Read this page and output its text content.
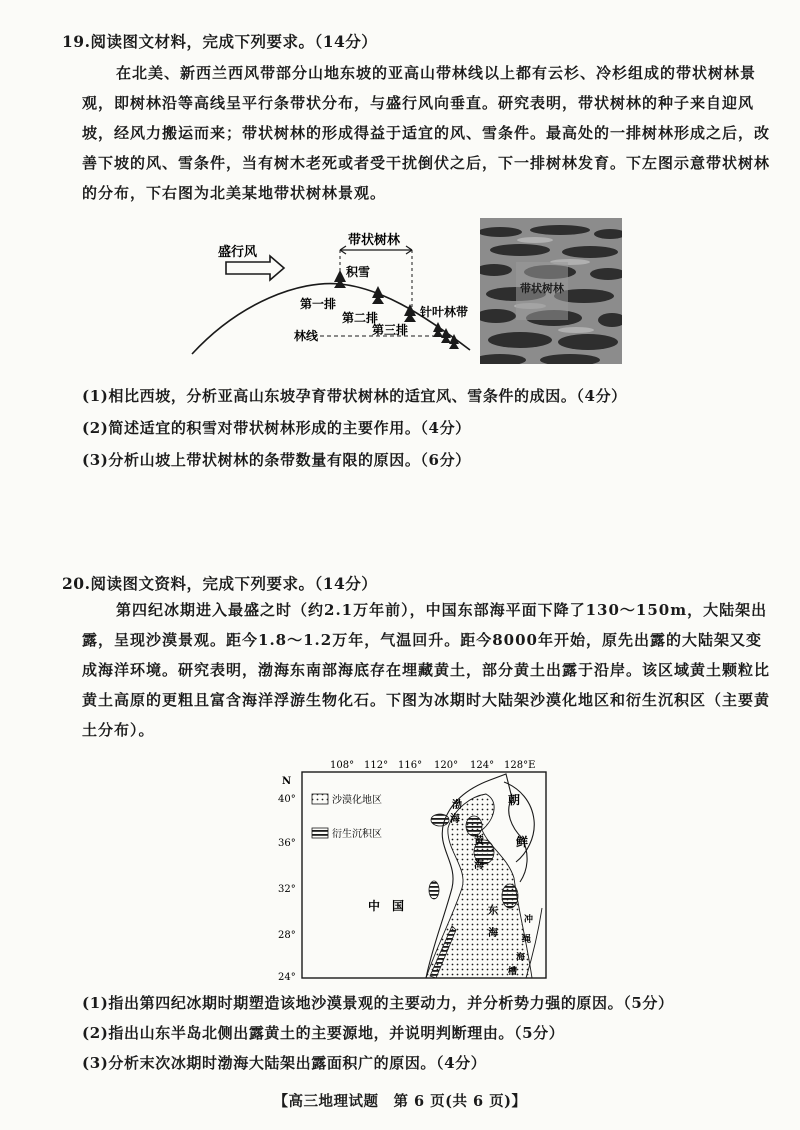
19.阅读图文材料，完成下列要求。（14分）

在北美、新西兰西风带部分山地东坡的亚高山带林线以上都有云杉、冷杉组成的带状树林景观，即树林沿等高线呈平行条带状分布，与盛行风向垂直。研究表明，带状树林的种子来自迎风坡，经风力搬运而来；带状树林的形成得益于适宜的风、雪条件。最高处的一排树林形成之后，改善下坡的风、雪条件，当有树木老死或者受干扰倒伏之后，下一排树林发育。下左图示意带状树林的分布，下右图为北美某地带状树林景观。

盛行风
带状树林
积雪
第一排
第二排
第三排
针叶林带
林线
带状树林
(1)相比西坡，分析亚高山东坡孕育带状树林的适宜风、雪条件的成因。（4分）
(2)简述适宜的积雪对带状树林形成的主要作用。（4分）
(3)分析山坡上带状树林的条带数量有限的原因。（6分）
20.阅读图文资料，完成下列要求。（14分）

第四纪冰期进入最盛之时（约2.1万年前），中国东部海平面下降了130～150m，大陆架出露，呈现沙漠景观。距今1.8～1.2万年，气温回升。距今8000年开始，原先出露的大陆架又变成海洋环境。研究表明，渤海东南部海底存在埋藏黄土，部分黄土出露于沿岸。该区域黄土颗粒比黄土高原的更粗且富含海洋浮游生物化石。下图为冰期时大陆架沙漠化地区和衍生沉积区（主要黄土分布）。

108° 112° 116° 120° 124° 128°E
N
40°
36°
32°
28°
24°
沙漠化地区
衍生沉积区
中　国
朝
鲜
渤
海
黄
海
东
海
冲
绳
海
槽
(1)指出第四纪冰期时期塑造该地沙漠景观的主要动力，并分析势力强的原因。（5分）
(2)指出山东半岛北侧出露黄土的主要源地，并说明判断理由。（5分）
(3)分析末次冰期时渤海大陆架出露面积广的原因。（4分）
【高三地理试题　第 6 页(共 6 页)】
